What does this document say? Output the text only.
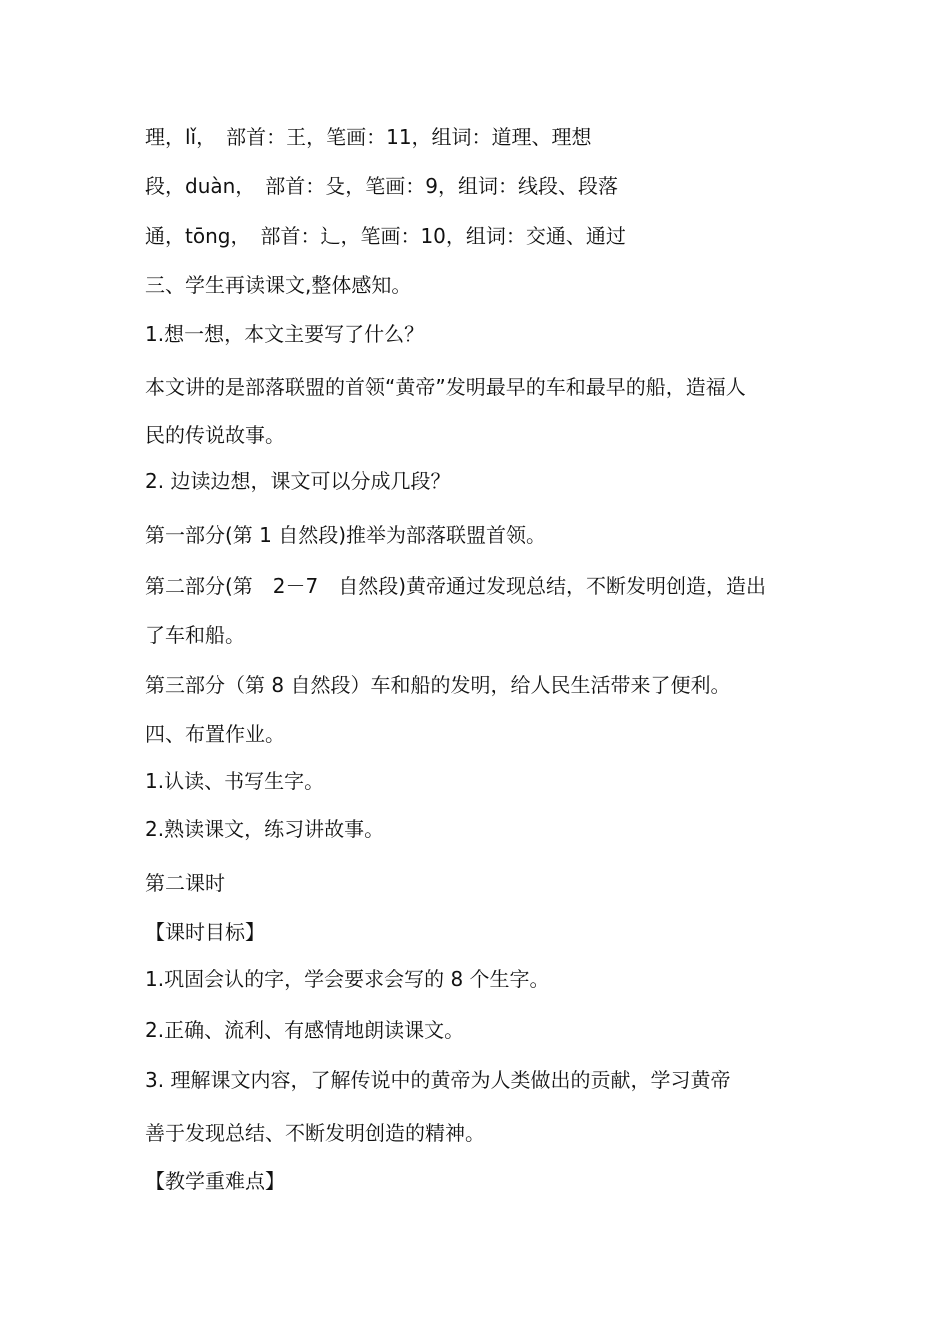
理，lǐ，　部首：王，笔画：11，组词：道理、理想
段，duàn，　部首：殳，笔画：9，组词：线段、段落
通，tōng，　部首：辶，笔画：10，组词：交通、通过
三、学生再读课文,整体感知。
1.想一想，本文主要写了什么？
本文讲的是部落联盟的首领“黄帝”发明最早的车和最早的船，造福人
民的传说故事。
2. 边读边想，课文可以分成几段？
第一部分(第 1 自然段)推举为部落联盟首领。
第二部分(第　2－7　自然段)黄帝通过发现总结，不断发明创造，造出
了车和船。
第三部分（第 8 自然段）车和船的发明，给人民生活带来了便利。
四、布置作业。
1.认读、书写生字。
2.熟读课文，练习讲故事。
第二课时
【课时目标】
1.巩固会认的字，学会要求会写的 8 个生字。
2.正确、流利、有感情地朗读课文。
3. 理解课文内容，了解传说中的黄帝为人类做出的贡献，学习黄帝
善于发现总结、不断发明创造的精神。
【教学重难点】
